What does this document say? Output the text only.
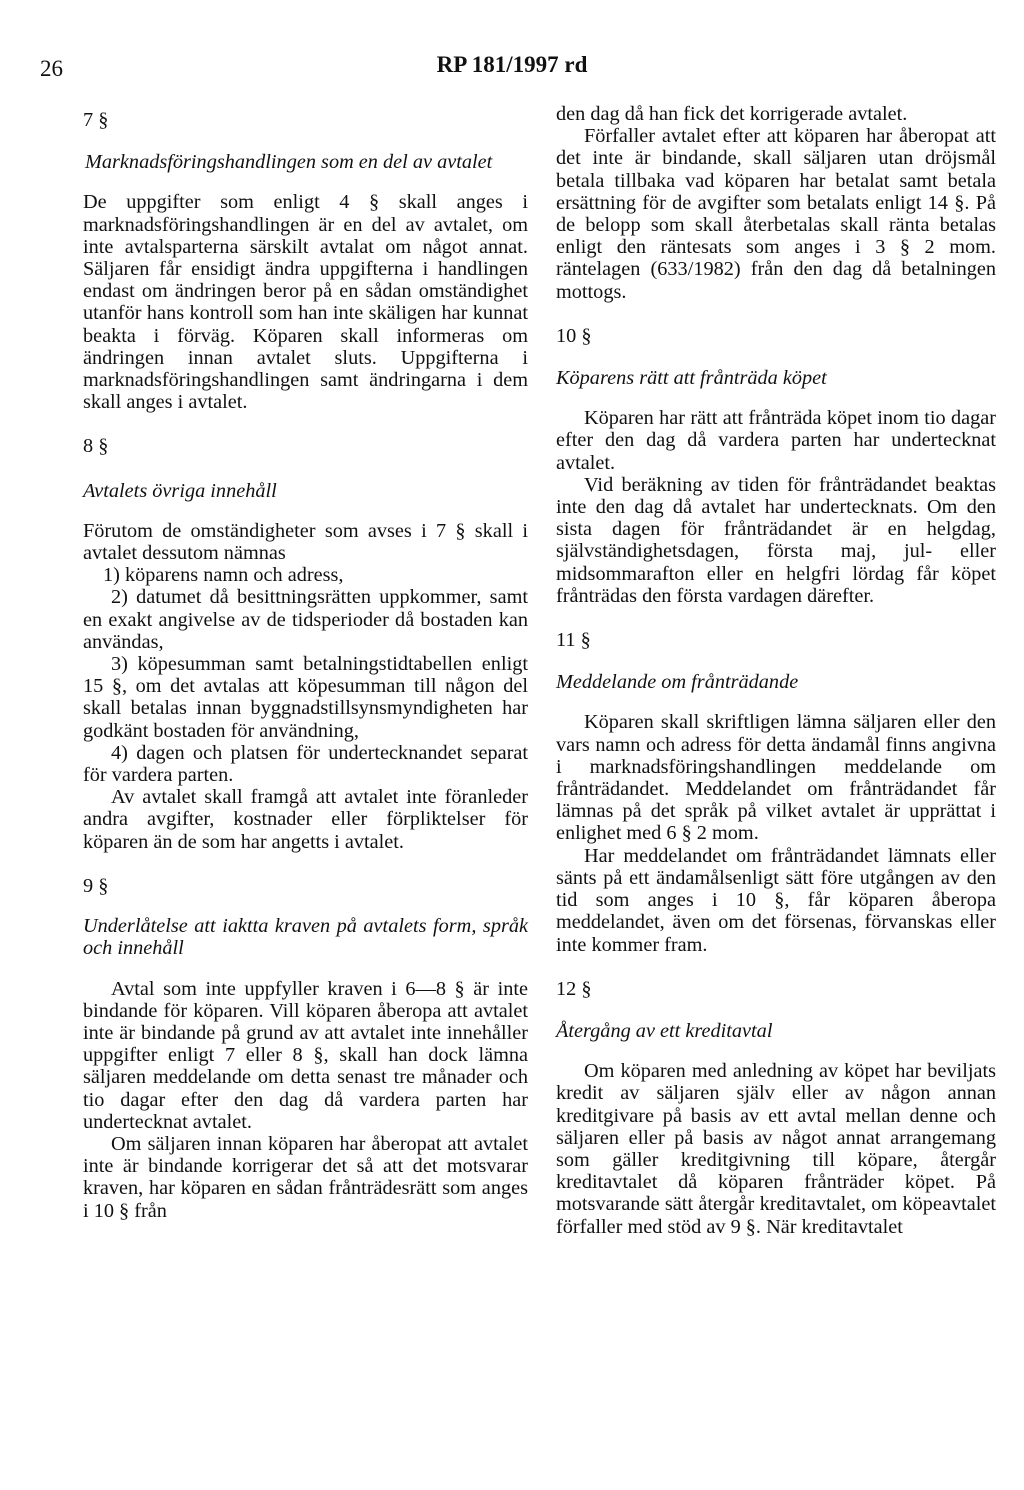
26	RP 181/1997 rd

7 §

Marknadsföringshandlingen som en del av avtalet

De uppgifter som enligt 4 § skall anges i marknadsföringshandlingen är en del av avtalet, om inte avtalsparterna särskilt avtalat om något annat. Säljaren får ensidigt ändra uppgifterna i handlingen endast om ändringen beror på en sådan omständighet utanför hans kontroll som han inte skäligen har kunnat beakta i förväg. Köparen skall informeras om ändringen innan avtalet sluts. Uppgifterna i marknadsföringshandlingen samt ändringarna i dem skall anges i avtalet.

8 §

Avtalets övriga innehåll

Förutom de omständigheter som avses i 7 § skall i avtalet dessutom nämnas

1) köparens namn och adress,

2) datumet då besittningsrätten uppkommer, samt en exakt angivelse av de tidsperioder då bostaden kan användas,

3) köpesumman samt betalningstidtabellen enligt 15 §, om det avtalas att köpesumman till någon del skall betalas innan byggnadstillsynsmyndigheten har godkänt bostaden för användning,

4) dagen och platsen för undertecknandet separat för vardera parten.

Av avtalet skall framgå att avtalet inte föranleder andra avgifter, kostnader eller förpliktelser för köparen än de som har angetts i avtalet.

9 §

Underlåtelse att iaktta kraven på avtalets form, språk och innehåll

Avtal som inte uppfyller kraven i 6—8 § är inte bindande för köparen. Vill köparen åberopa att avtalet inte är bindande på grund av att avtalet inte innehåller uppgifter enligt 7 eller 8 §, skall han dock lämna säljaren meddelande om detta senast tre månader och tio dagar efter den dag då vardera parten har undertecknat avtalet.

Om säljaren innan köparen har åberopat att avtalet inte är bindande korrigerar det så att det motsvarar kraven, har köparen en sådan frånträdesrätt som anges i 10 § från

den dag då han fick det korrigerade avtalet.

Förfaller avtalet efter att köparen har åberopat att det inte är bindande, skall säljaren utan dröjsmål betala tillbaka vad köparen har betalat samt betala ersättning för de avgifter som betalats enligt 14 §. På de belopp som skall återbetalas skall ränta betalas enligt den räntesats som anges i 3 § 2 mom. räntelagen (633/1982) från den dag då betalningen mottogs.

10 §

Köparens rätt att frånträda köpet

Köparen har rätt att frånträda köpet inom tio dagar efter den dag då vardera parten har undertecknat avtalet.

Vid beräkning av tiden för frånträdandet beaktas inte den dag då avtalet har undertecknats. Om den sista dagen för frånträdandet är en helgdag, självständighetsdagen, första maj, jul- eller midsommarafton eller en helgfri lördag får köpet frånträdas den första vardagen därefter.

11 §

Meddelande om frånträdande

Köparen skall skriftligen lämna säljaren eller den vars namn och adress för detta ändamål finns angivna i marknadsföringshandlingen meddelande om frånträdandet. Meddelandet om frånträdandet får lämnas på det språk på vilket avtalet är upprättat i enlighet med 6 § 2 mom.

Har meddelandet om frånträdandet lämnats eller sänts på ett ändamålsenligt sätt före utgången av den tid som anges i 10 §, får köparen åberopa meddelandet, även om det försenas, förvanskas eller inte kommer fram.

12 §

Återgång av ett kreditavtal

Om köparen med anledning av köpet har beviljats kredit av säljaren själv eller av någon annan kreditgivare på basis av ett avtal mellan denne och säljaren eller på basis av något annat arrangemang som gäller kreditgivning till köpare, återgår kreditavtalet då köparen frånträder köpet. På motsvarande sätt återgår kreditavtalet, om köpeavtalet förfaller med stöd av 9 §. När kreditavtalet
